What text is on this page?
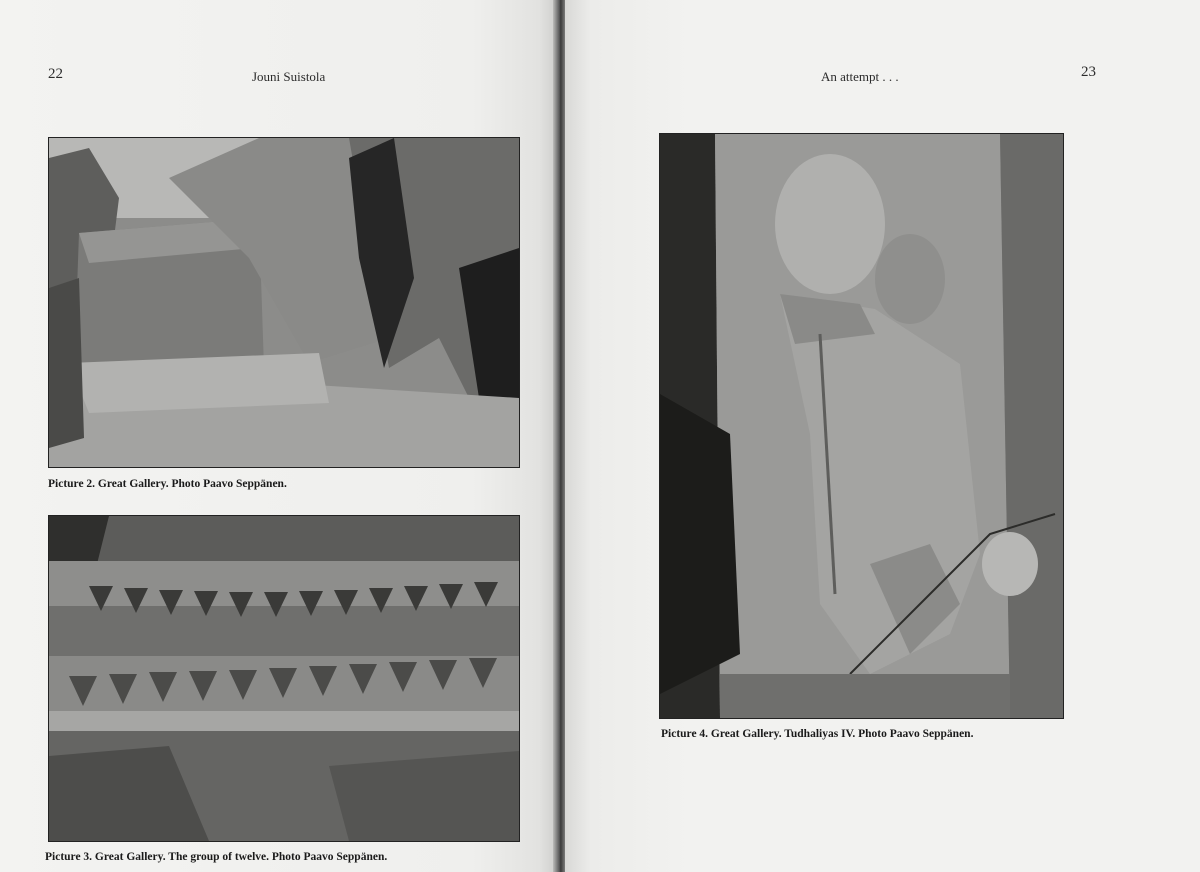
22	Jouni Suistola
Picture 2. Great Gallery. Photo Paavo Seppänen.
Picture 3. Great Gallery. The group of twelve. Photo Paavo Seppänen.
An attempt . . .	23
Picture 4. Great Gallery. Tudhaliyas IV. Photo Paavo Seppänen.
